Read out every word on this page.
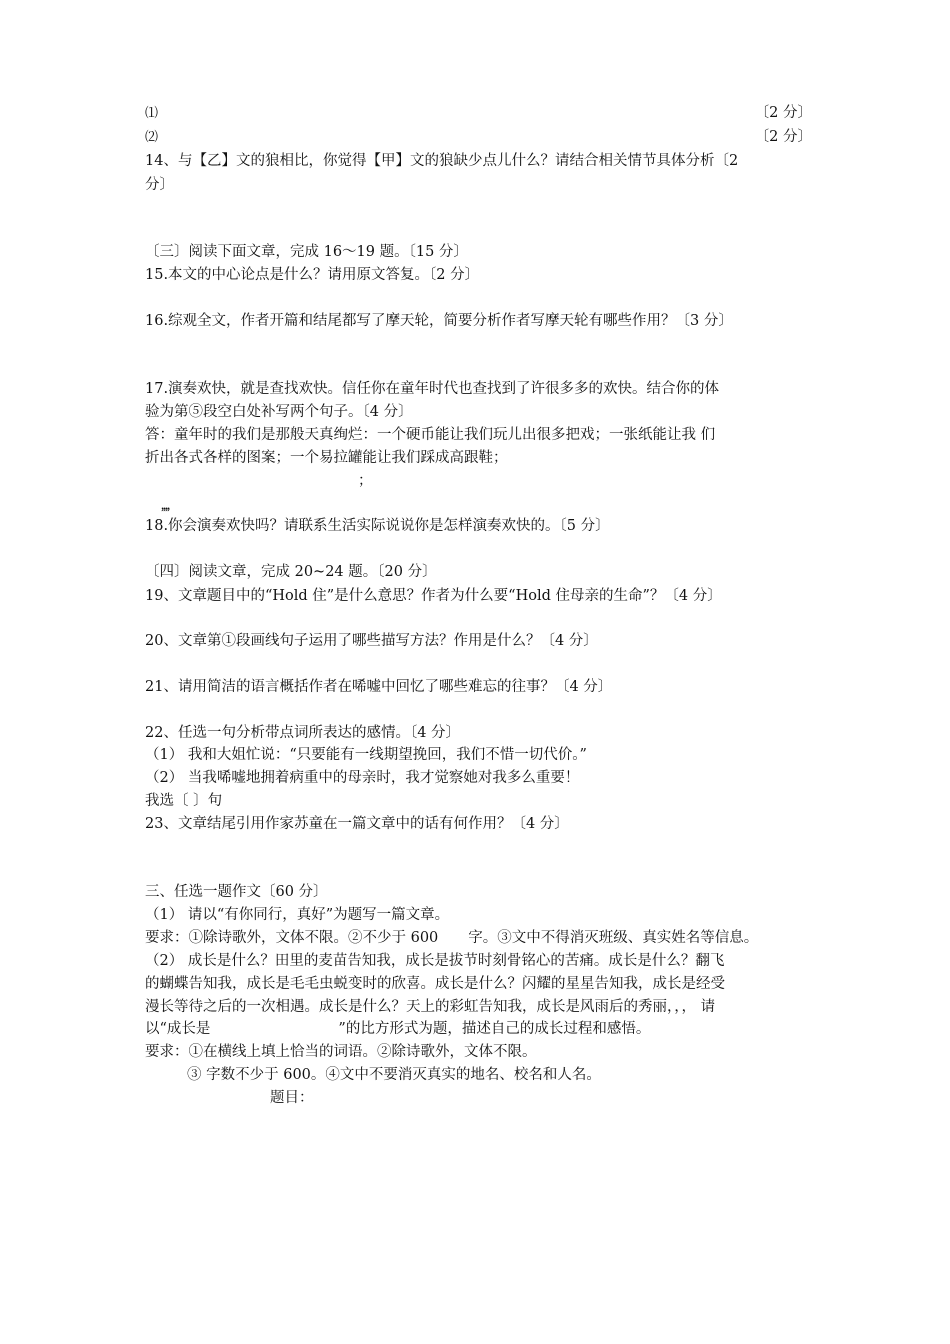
⑴	〔2 分〕
⑵	〔2 分〕
14、与【乙】文的狼相比，你觉得【甲】文的狼缺少点儿什么？请结合相关情节具体分析〔2
分〕
〔三〕阅读下面文章，完成 16～19 题。〔15 分〕
15.本文的中心论点是什么？请用原文答复。〔2 分〕
16.综观全文，作者开篇和结尾都写了摩天轮，简要分析作者写摩天轮有哪些作用？〔3 分〕
17.演奏欢快，就是查找欢快。信任你在童年时代也查找到了许很多多的欢快。结合你的体
验为第⑤段空白处补写两个句子。〔4 分〕
答：童年时的我们是那般天真绚烂：一个硬币能让我们玩儿出很多把戏；一张纸能让我 们
折出各式各样的图案；一个易拉罐能让我们踩成高跟鞋；
；
，，，，
18.你会演奏欢快吗？请联系生活实际说说你是怎样演奏欢快的。〔5 分〕
〔四〕阅读文章，完成 20~24 题。〔20 分〕
19、文章题目中的“Hold 住”是什么意思？作者为什么要“Hold 住母亲的生命”？〔4 分〕
20、文章第①段画线句子运用了哪些描写方法？作用是什么？〔4 分〕
21、请用简洁的语言概括作者在唏嘘中回忆了哪些难忘的往事？〔4 分〕
22、任选一句分析带点词所表达的感情。〔4 分〕
（1） 我和大姐忙说：“只要能有一线期望挽回，我们不惜一切代价。”
（2） 当我唏嘘地拥着病重中的母亲时，我才觉察她对我多么重要！
我选〔 〕句
23、文章结尾引用作家苏童在一篇文章中的话有何作用？〔4 分〕
三、任选一题作文〔60 分〕
（1） 请以“有你同行，真好”为题写一篇文章。
要求：①除诗歌外，文体不限。②不少于 600 字。③文中不得消灭班级、真实姓名等信息。
（2） 成长是什么？田里的麦苗告知我，成长是拔节时刻骨铭心的苦痛。成长是什么？翻飞
的蝴蝶告知我，成长是毛毛虫蜕变时的欣喜。成长是什么？闪耀的星星告知我，成长是经受
漫长等待之后的一次相遇。成长是什么？天上的彩虹告知我，成长是风雨后的秀丽，，， 请
以“成长是	”的比方形式为题，描述自己的成长过程和感悟。
要求：①在横线上填上恰当的词语。②除诗歌外，文体不限。
③ 字数不少于 600。④文中不要消灭真实的地名、校名和人名。
题目：
